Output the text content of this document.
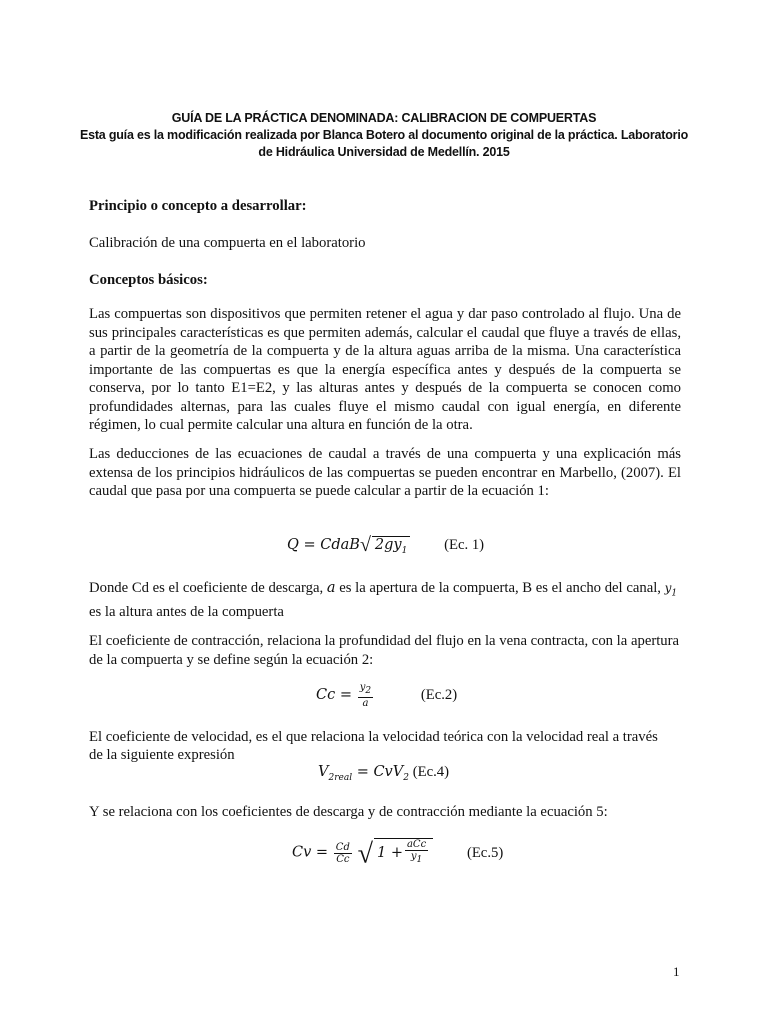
GUÍA DE LA PRÁCTICA DENOMINADA: CALIBRACION DE COMPUERTAS
Esta guía es la modificación realizada por Blanca Botero al documento original de la práctica. Laboratorio
de Hidráulica Universidad de Medellín. 2015
Principio o concepto a desarrollar:
Calibración de una compuerta en el laboratorio
Conceptos básicos:
Las compuertas son dispositivos que permiten retener el agua y dar paso controlado al flujo. Una de sus principales características es que permiten además, calcular el caudal que fluye a través de ellas, a partir de la geometría de la compuerta y de la altura aguas arriba de la misma. Una característica importante de las compuertas es que la energía específica antes y después de la compuerta se conserva, por lo tanto E1=E2, y las alturas antes y después de la compuerta se conocen como profundidades alternas, para las cuales fluye el mismo caudal con igual energía, en diferente régimen, lo cual permite calcular una altura en función de la otra.
Las deducciones de las ecuaciones de caudal a través de una compuerta y una explicación más extensa de los principios hidráulicos de las compuertas se pueden encontrar en Marbello, (2007). El caudal que pasa por una compuerta se puede calcular a partir de la ecuación 1:
Q = CdaB√ $2gy_1$	(Ec. 1)
Donde Cd es el coeficiente de descarga, a es la apertura de la compuerta, B es el ancho del canal, $y_1$ es la altura antes de la compuerta
El coeficiente de contracción, relaciona la profundidad del flujo en la vena contracta, con la apertura de la compuerta y se define según la ecuación 2:
$Cc = \frac{y_2}{a}$	(Ec.2)
El coeficiente de velocidad, es el que relaciona la velocidad teórica con la velocidad real a través
de la siguiente expresión
$V_{2real} = CvV_2$ (Ec.4)
Y se relaciona con los coeficientes de descarga y de contracción mediante la ecuación 5:
$Cv = \frac{Cd}{Cc}$ √ $1 + \frac{\text{aCc}}{y_1}$	(Ec.5)
1
